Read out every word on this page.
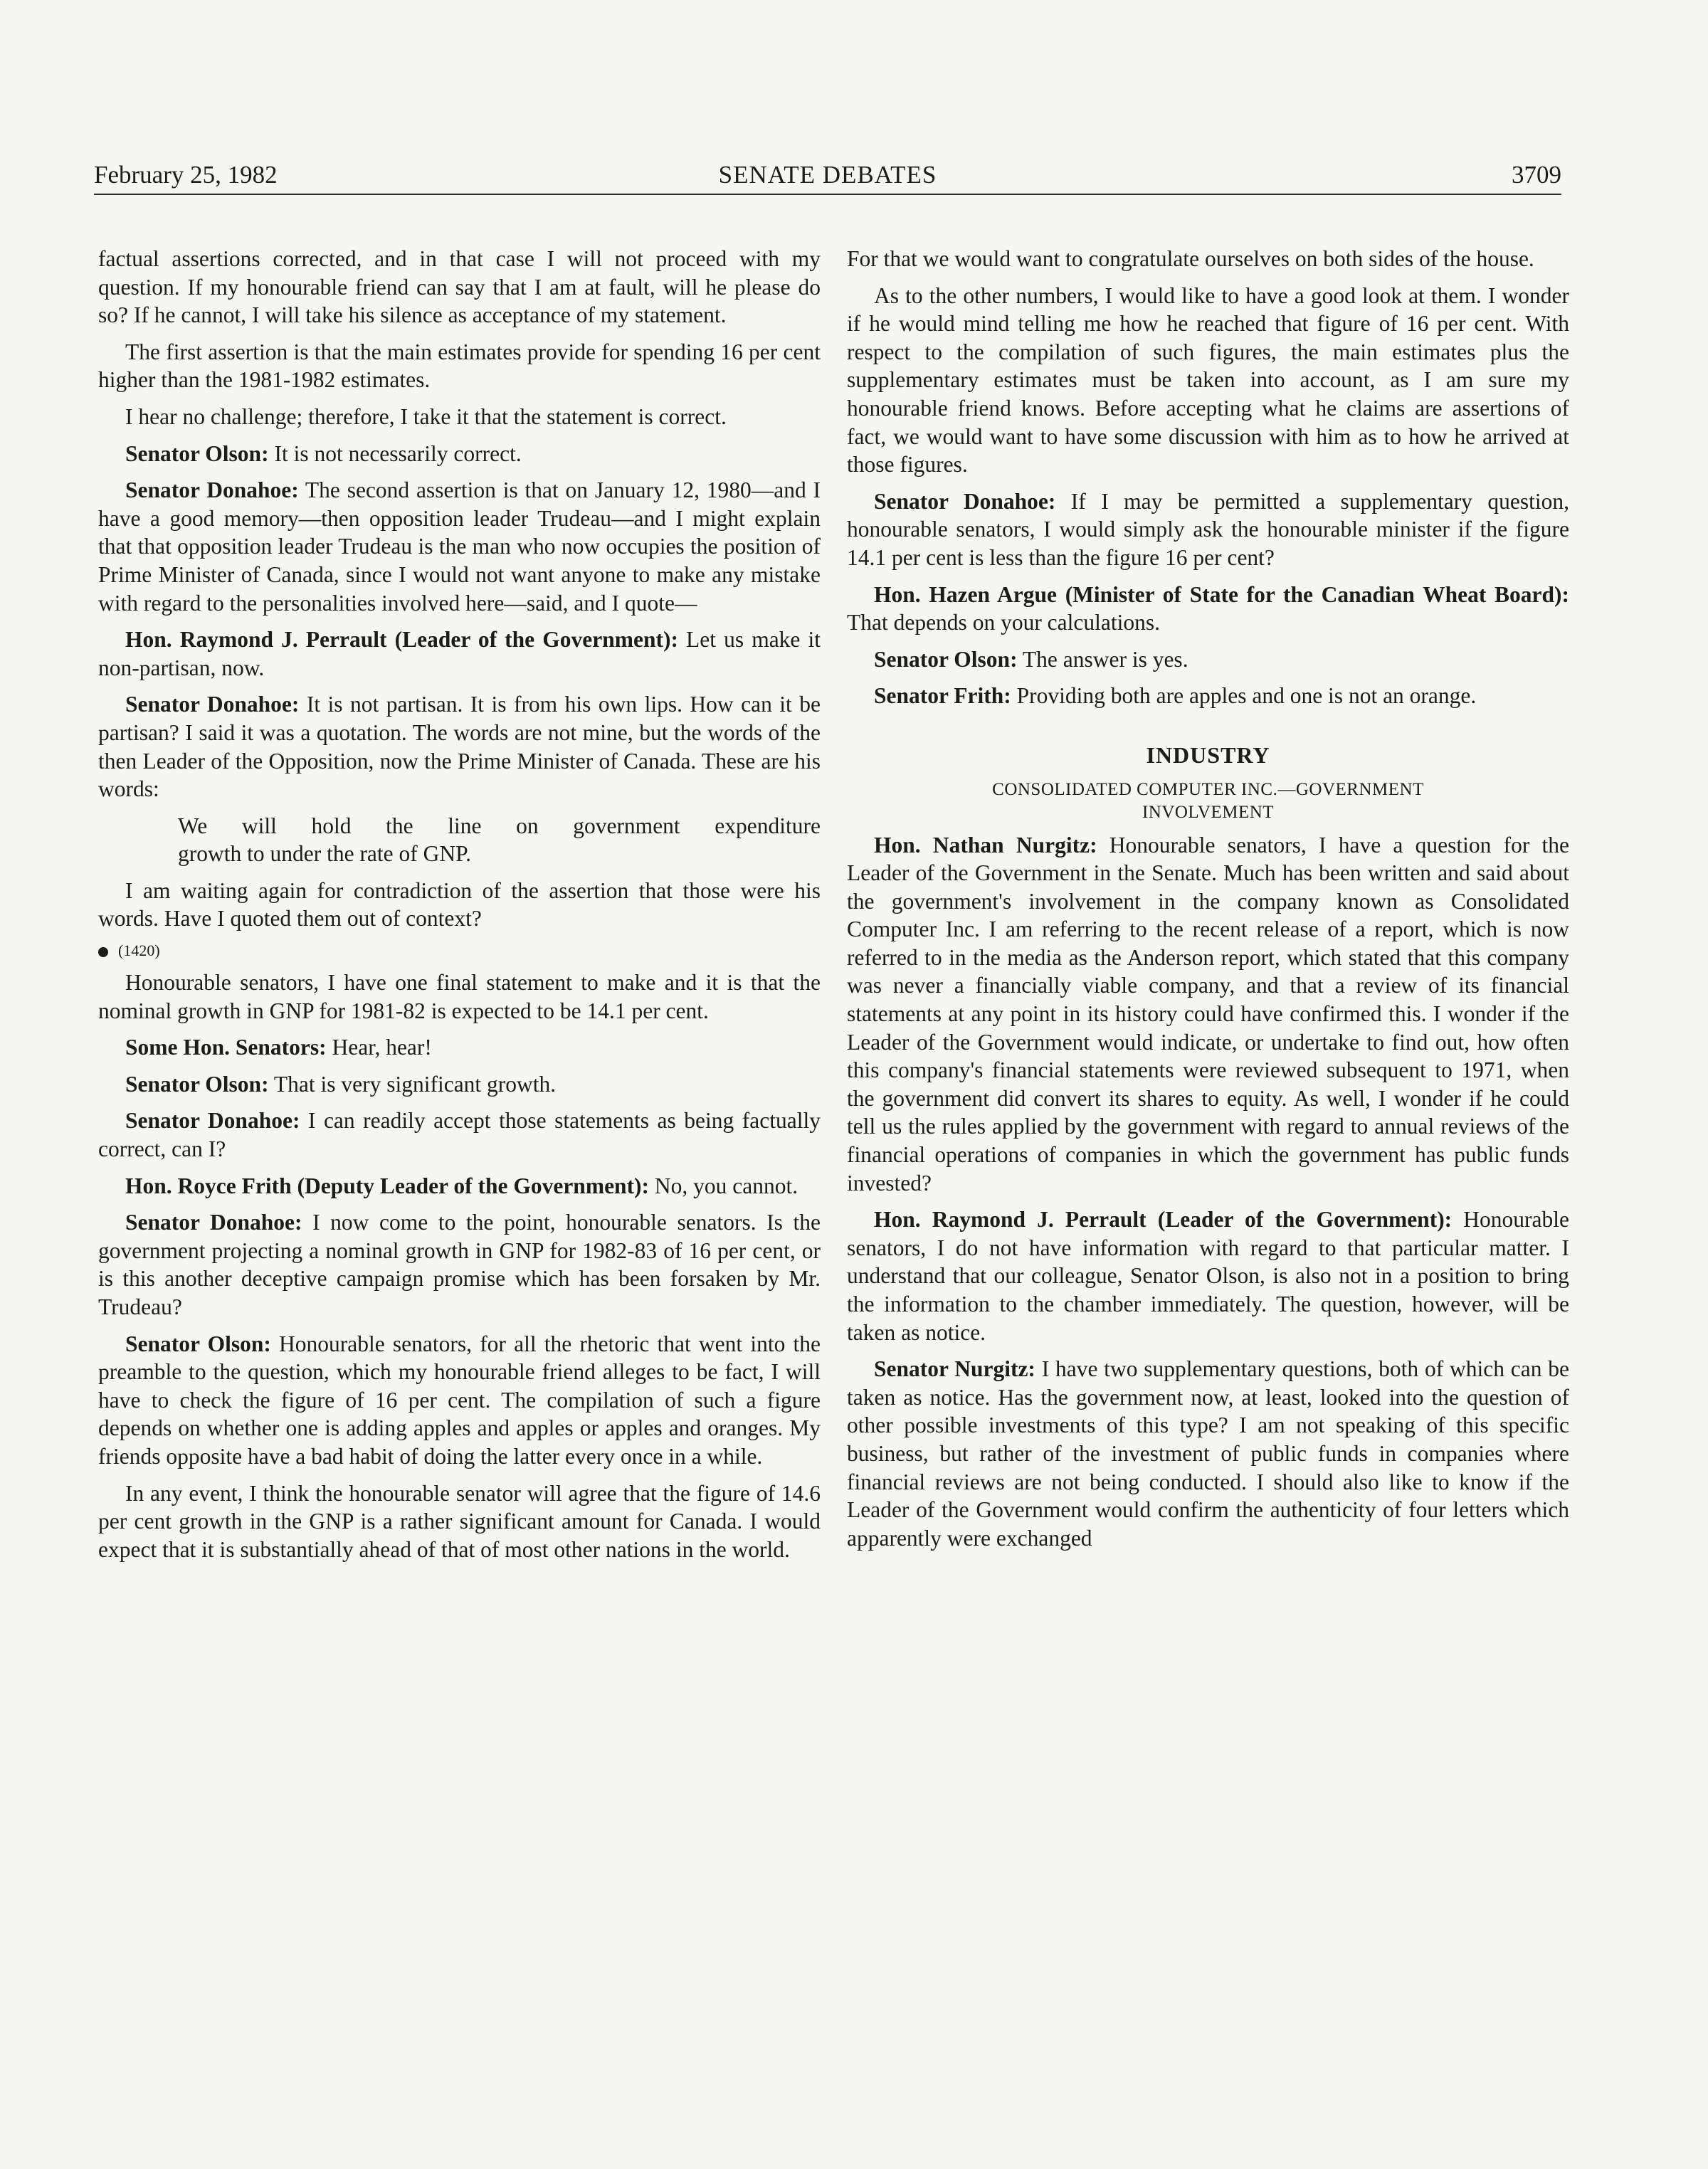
February 25, 1982	SENATE DEBATES	3709

factual assertions corrected, and in that case I will not proceed with my question. If my honourable friend can say that I am at fault, will he please do so? If he cannot, I will take his silence as acceptance of my statement.

The first assertion is that the main estimates provide for spending 16 per cent higher than the 1981-1982 estimates.

I hear no challenge; therefore, I take it that the statement is correct.

Senator Olson: It is not necessarily correct.

Senator Donahoe: The second assertion is that on January 12, 1980—and I have a good memory—then opposition leader Trudeau—and I might explain that that opposition leader Trudeau is the man who now occupies the position of Prime Minister of Canada, since I would not want anyone to make any mistake with regard to the personalities involved here—said, and I quote—

Hon. Raymond J. Perrault (Leader of the Government): Let us make it non-partisan, now.

Senator Donahoe: It is not partisan. It is from his own lips. How can it be partisan? I said it was a quotation. The words are not mine, but the words of the then Leader of the Opposition, now the Prime Minister of Canada. These are his words:

We will hold the line on government expenditure
growth to under the rate of GNP.

I am waiting again for contradiction of the assertion that those were his words. Have I quoted them out of context?

(1420)

Honourable senators, I have one final statement to make and it is that the nominal growth in GNP for 1981-82 is expected to be 14.1 per cent.

Some Hon. Senators: Hear, hear!

Senator Olson: That is very significant growth.

Senator Donahoe: I can readily accept those statements as being factually correct, can I?

Hon. Royce Frith (Deputy Leader of the Government): No, you cannot.

Senator Donahoe: I now come to the point, honourable senators. Is the government projecting a nominal growth in GNP for 1982-83 of 16 per cent, or is this another deceptive campaign promise which has been forsaken by Mr. Trudeau?

Senator Olson: Honourable senators, for all the rhetoric that went into the preamble to the question, which my honourable friend alleges to be fact, I will have to check the figure of 16 per cent. The compilation of such a figure depends on whether one is adding apples and apples or apples and oranges. My friends opposite have a bad habit of doing the latter every once in a while.

In any event, I think the honourable senator will agree that the figure of 14.6 per cent growth in the GNP is a rather significant amount for Canada. I would expect that it is substantially ahead of that of most other nations in the world.

For that we would want to congratulate ourselves on both sides of the house.

As to the other numbers, I would like to have a good look at them. I wonder if he would mind telling me how he reached that figure of 16 per cent. With respect to the compilation of such figures, the main estimates plus the supplementary estimates must be taken into account, as I am sure my honourable friend knows. Before accepting what he claims are assertions of fact, we would want to have some discussion with him as to how he arrived at those figures.

Senator Donahoe: If I may be permitted a supplementary question, honourable senators, I would simply ask the honourable minister if the figure 14.1 per cent is less than the figure 16 per cent?

Hon. Hazen Argue (Minister of State for the Canadian Wheat Board): That depends on your calculations.

Senator Olson: The answer is yes.

Senator Frith: Providing both are apples and one is not an orange.

INDUSTRY
CONSOLIDATED COMPUTER INC.—GOVERNMENT
INVOLVEMENT

Hon. Nathan Nurgitz: Honourable senators, I have a question for the Leader of the Government in the Senate. Much has been written and said about the government's involvement in the company known as Consolidated Computer Inc. I am referring to the recent release of a report, which is now referred to in the media as the Anderson report, which stated that this company was never a financially viable company, and that a review of its financial statements at any point in its history could have confirmed this. I wonder if the Leader of the Government would indicate, or undertake to find out, how often this company's financial statements were reviewed subsequent to 1971, when the government did convert its shares to equity. As well, I wonder if he could tell us the rules applied by the government with regard to annual reviews of the financial operations of companies in which the government has public funds invested?

Hon. Raymond J. Perrault (Leader of the Government): Honourable senators, I do not have information with regard to that particular matter. I understand that our colleague, Senator Olson, is also not in a position to bring the information to the chamber immediately. The question, however, will be taken as notice.

Senator Nurgitz: I have two supplementary questions, both of which can be taken as notice. Has the government now, at least, looked into the question of other possible investments of this type? I am not speaking of this specific business, but rather of the investment of public funds in companies where financial reviews are not being conducted. I should also like to know if the Leader of the Government would confirm the authenticity of four letters which apparently were exchanged
